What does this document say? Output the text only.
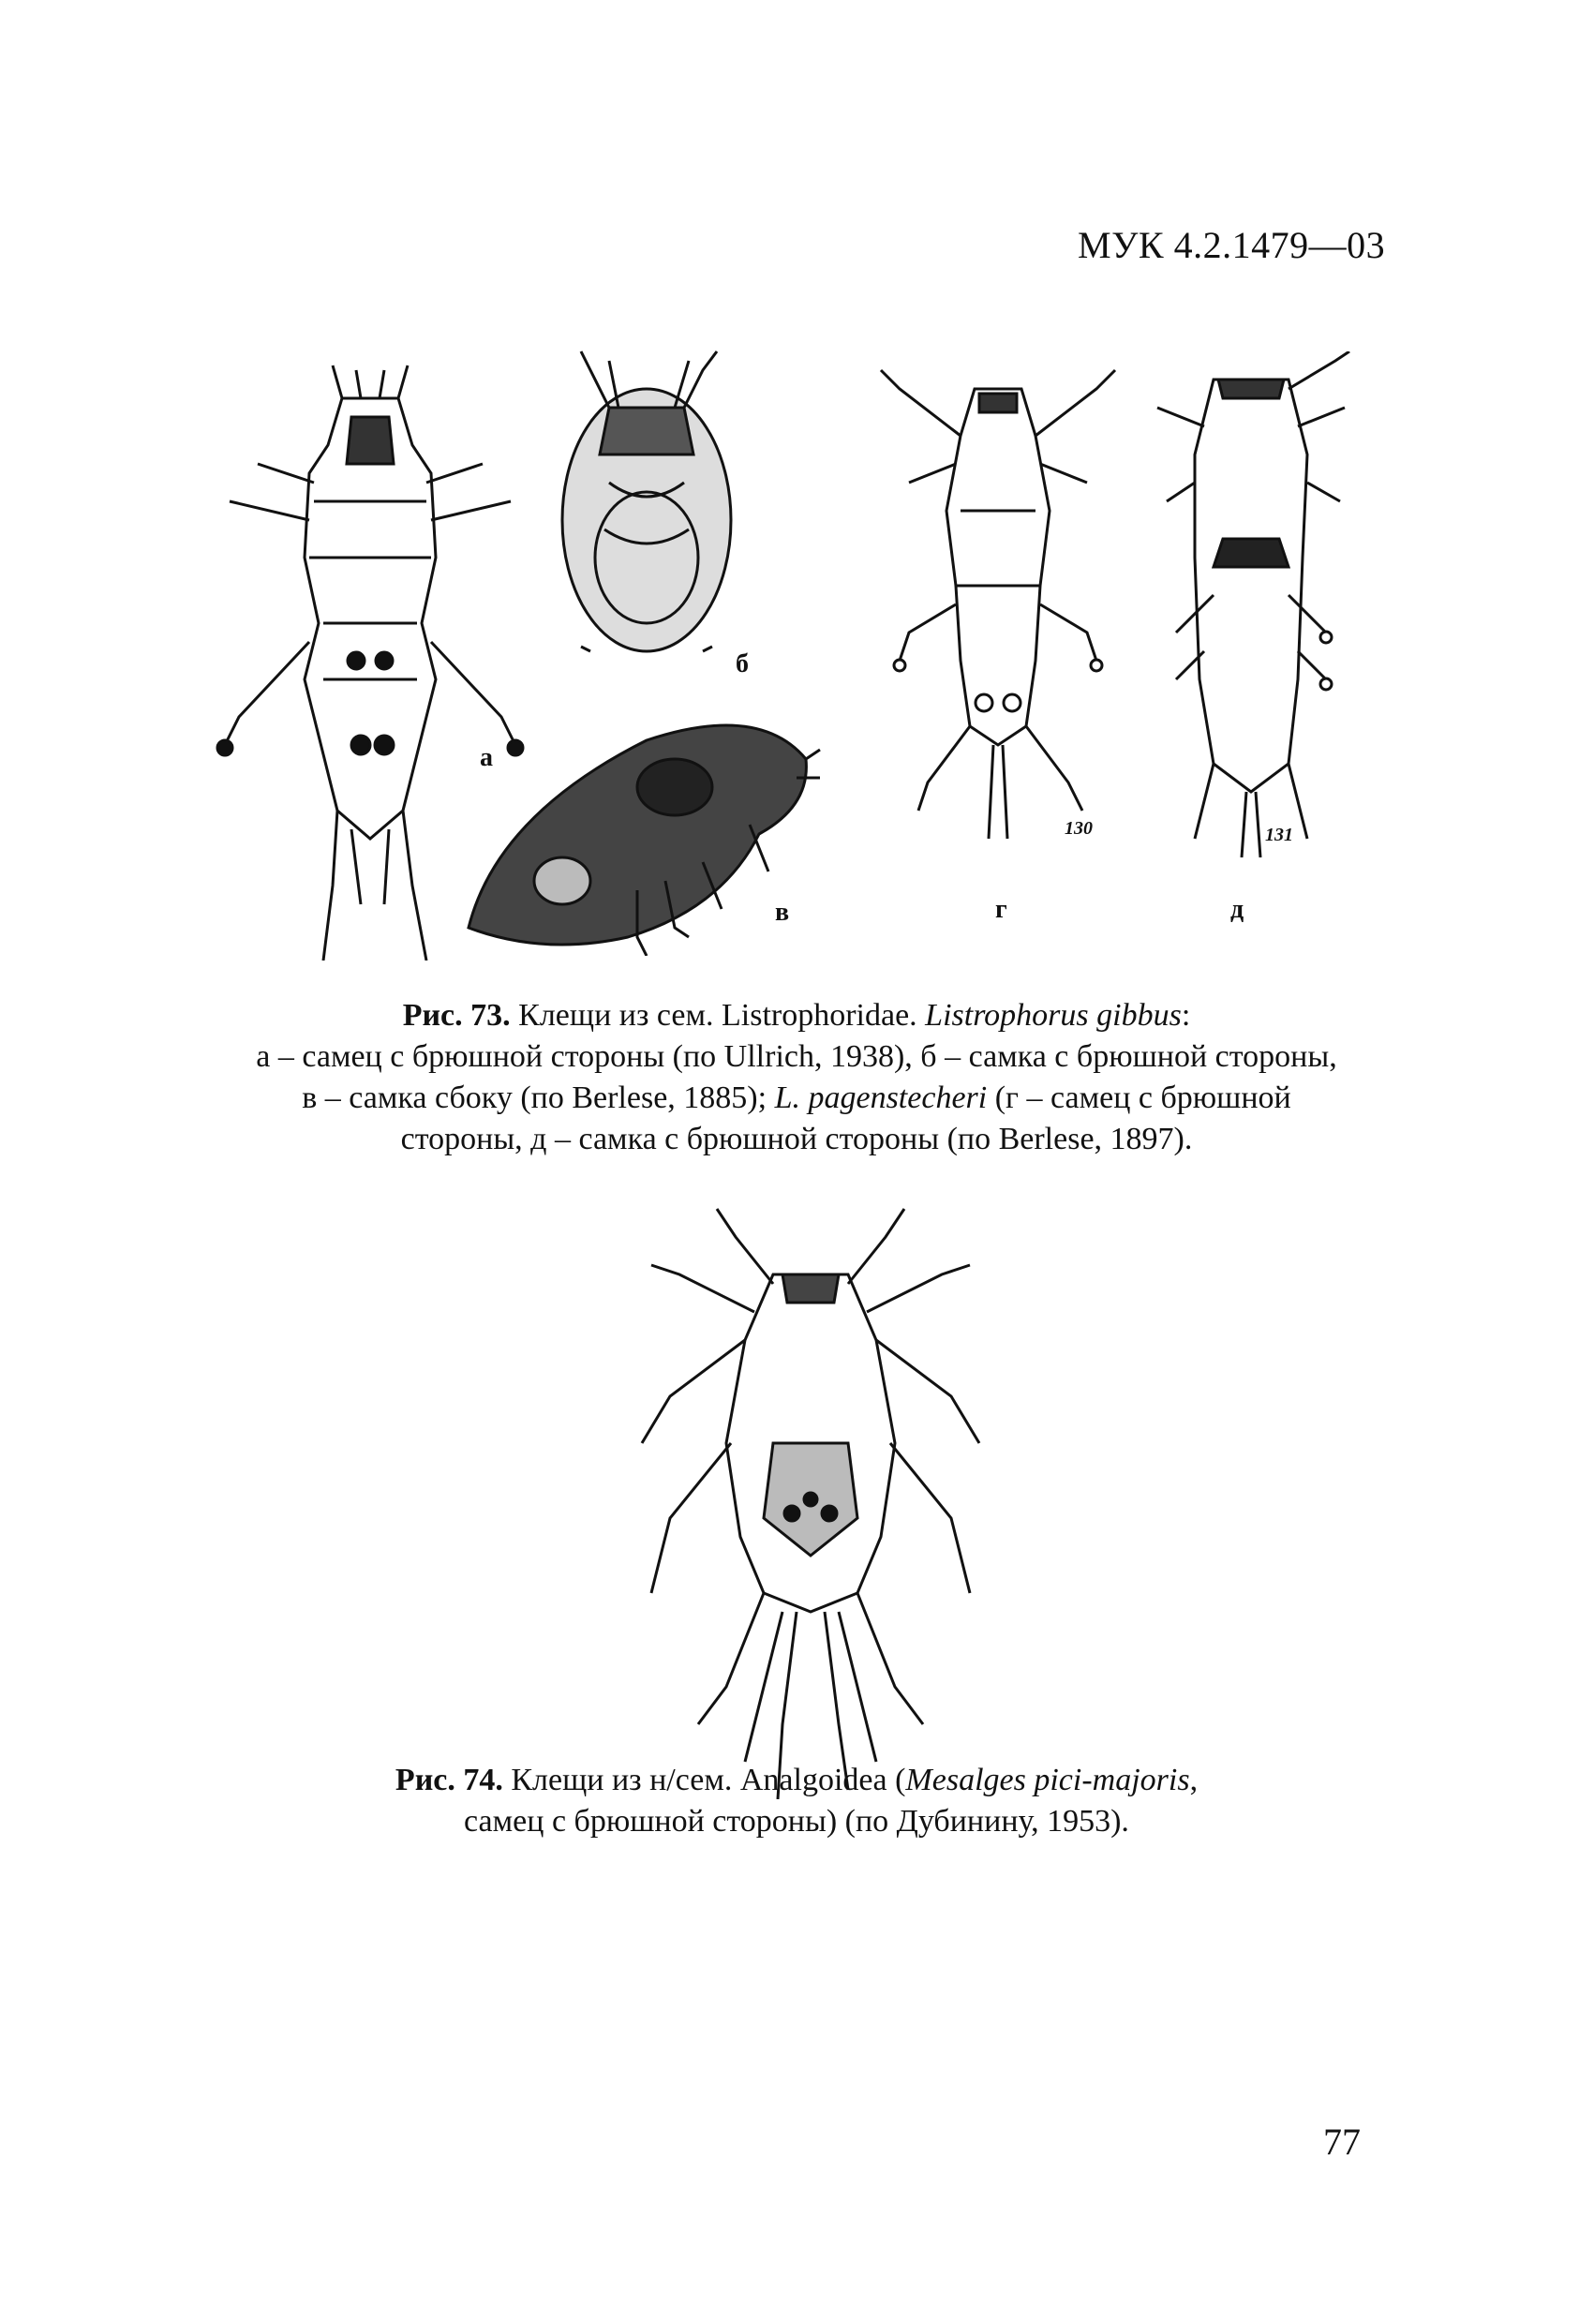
МУК 4.2.1479—03
а
б
в
130
г
131
д
Рис. 73. Клещи из сем. Listrophoridae. Listrophorus gibbus:
а – самец с брюшной стороны (по Ullrich, 1938), б – самка с брюшной стороны,
в – самка сбоку (по Berlese, 1885); L. pagenstecheri (г – самец с брюшной
стороны, д – самка с брюшной стороны (по Berlese, 1897).
Рис. 74. Клещи из н/сем. Analgoidea (Mesalges pici-majoris,
самец с брюшной стороны) (по Дубинину, 1953).
77
